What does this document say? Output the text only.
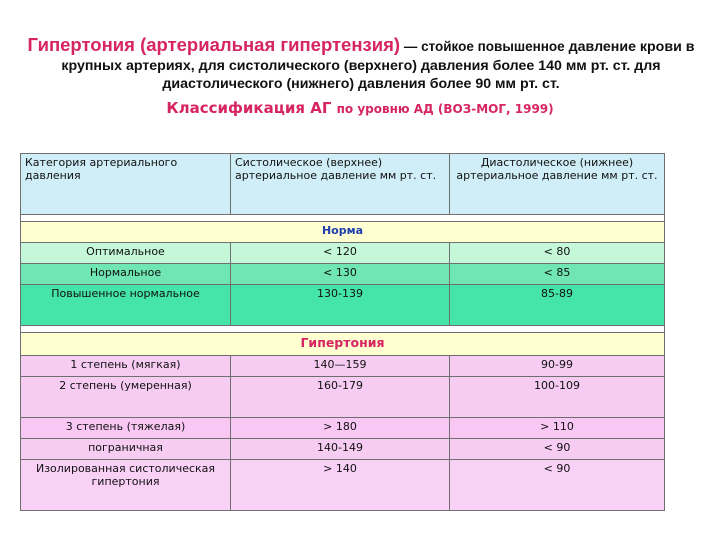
Гипертония (артериальная гипертензия) — стойкое повышенное давление крови в крупных артериях, для систолического (верхнего) давления более 140 мм рт. ст. для диастолического (нижнего) давления более 90 мм рт. ст.
Классификация АГ по уровню АД (ВОЗ-МОГ, 1999)
Категория артериального давления	Систолическое (верхнее) артериальное давление мм рт. ст.	Диастолическое (нижнее) артериальное давление мм рт. ст.

Норма		
Оптимальное	< 120	< 80
Нормальное	< 130	< 85
Повышенное нормальное	130-139	85-89

Гипертония		
1 степень (мягкая)	140—159	90-99
2 степень (умеренная)	160-179	100-109
3 степень (тяжелая)	> 180	> 110
пограничная	140-149	< 90
Изолированная систолическая гипертония	> 140	< 90
